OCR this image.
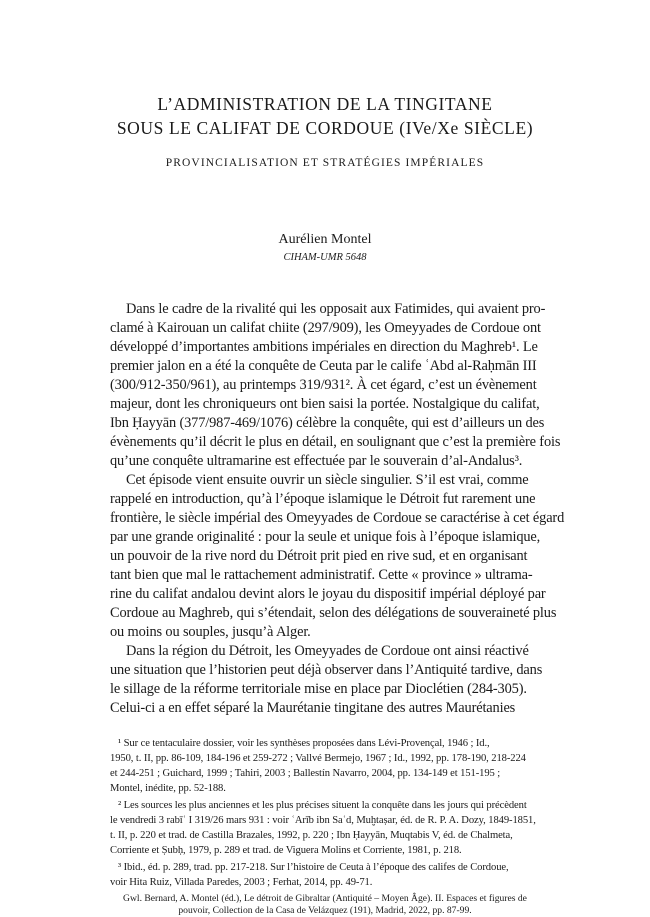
L’ADMINISTRATION DE LA TINGITANE
SOUS LE CALIFAT DE CORDOUE (IVe/Xe SIÈCLE)
PROVINCIALISATION ET STRATÉGIES IMPÉRIALES
Aurélien Montel
CIHAM-UMR 5648
Dans le cadre de la rivalité qui les opposait aux Fatimides, qui avaient pro-
clamé à Kairouan un califat chiite (297/909), les Omeyyades de Cordoue ont
développé d’importantes ambitions impériales en direction du Maghreb¹. Le
premier jalon en a été la conquête de Ceuta par le calife ʿAbd al-Raḥmān III
(300/912-350/961), au printemps 319/931². À cet égard, c’est un évènement
majeur, dont les chroniqueurs ont bien saisi la portée. Nostalgique du califat,
Ibn Ḥayyān (377/987-469/1076) célèbre la conquête, qui est d’ailleurs un des
évènements qu’il décrit le plus en détail, en soulignant que c’est la première fois
qu’une conquête ultramarine est effectuée par le souverain d’al-Andalus³.
Cet épisode vient ensuite ouvrir un siècle singulier. S’il est vrai, comme
rappelé en introduction, qu’à l’époque islamique le Détroit fut rarement une
frontière, le siècle impérial des Omeyyades de Cordoue se caractérise à cet égard
par une grande originalité : pour la seule et unique fois à l’époque islamique,
un pouvoir de la rive nord du Détroit prit pied en rive sud, et en organisant
tant bien que mal le rattachement administratif. Cette « province » ultrama-
rine du califat andalou devint alors le joyau du dispositif impérial déployé par
Cordoue au Maghreb, qui s’étendait, selon des délégations de souveraineté plus
ou moins ou souples, jusqu’à Alger.
Dans la région du Détroit, les Omeyyades de Cordoue ont ainsi réactivé
une situation que l’historien peut déjà observer dans l’Antiquité tardive, dans
le sillage de la réforme territoriale mise en place par Dioclétien (284-305).
Celui-ci a en effet séparé la Maurétanie tingitane des autres Maurétanies
¹ Sur ce tentaculaire dossier, voir les synthèses proposées dans Lévi-Provençal, 1946 ; Id.,
1950, t. II, pp. 86-109, 184-196 et 259-272 ; Vallvé Bermejo, 1967 ; Id., 1992, pp. 178-190, 218-224
et 244-251 ; Guichard, 1999 ; Tahiri, 2003 ; Ballestín Navarro, 2004, pp. 134-149 et 151-195 ;
Montel, inédite, pp. 52-188.
² Les sources les plus anciennes et les plus précises situent la conquête dans les jours qui précèdent
le vendredi 3 rabīʿ I 319/26 mars 931 : voir ʿArīb ibn Saʿd, Muḫtaṣar, éd. de R. P. A. Dozy, 1849-1851,
t. II, p. 220 et trad. de Castilla Brazales, 1992, p. 220 ; Ibn Ḥayyān, Muqtabis V, éd. de Chalmeta,
Corriente et Ṣubḥ, 1979, p. 289 et trad. de Viguera Molins et Corriente, 1981, p. 218.
³ Ibid., éd. p. 289, trad. pp. 217-218. Sur l’histoire de Ceuta à l’époque des califes de Cordoue,
voir Hita Ruiz, Villada Paredes, 2003 ; Ferhat, 2014, pp. 49-71.
Gwl. Bernard, A. Montel (éd.), Le détroit de Gibraltar (Antiquité – Moyen Âge). II. Espaces et figures de
pouvoir, Collection de la Casa de Velázquez (191), Madrid, 2022, pp. 87-99.
